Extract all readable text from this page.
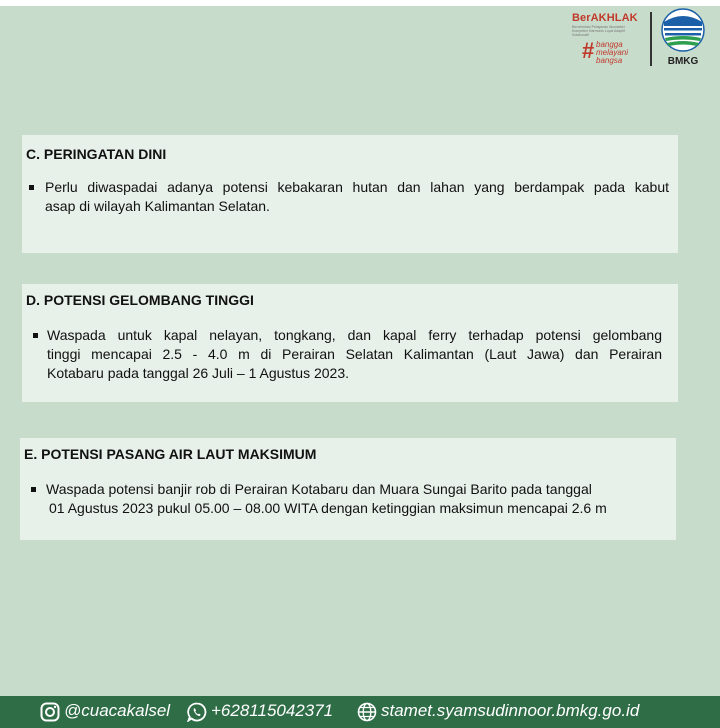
BerAKHLAK
Berorientasi Pelayanan Akuntabel Kompeten Harmonis Loyal Adaptif Kolaboratif
# bangga
melayani
bangsa	BMKG
C. PERINGATAN DINI
Perlu diwaspadai adanya potensi kebakaran hutan dan lahan yang berdampak pada kabut
asap di wilayah Kalimantan Selatan.
D. POTENSI GELOMBANG TINGGI
Waspada untuk kapal nelayan, tongkang, dan kapal ferry terhadap potensi gelombang
tinggi mencapai 2.5 - 4.0 m di Perairan Selatan Kalimantan (Laut Jawa) dan Perairan
Kotabaru pada tanggal 26 Juli – 1 Agustus 2023.
E. POTENSI PASANG AIR LAUT MAKSIMUM
Waspada potensi banjir rob di Perairan Kotabaru dan Muara Sungai Barito pada tanggal
01 Agustus 2023 pukul 05.00 – 08.00 WITA dengan ketinggian maksimun mencapai 2.6 m
@cuacakalsel +628115042371	stamet.syamsudinnoor.bmkg.go.id
